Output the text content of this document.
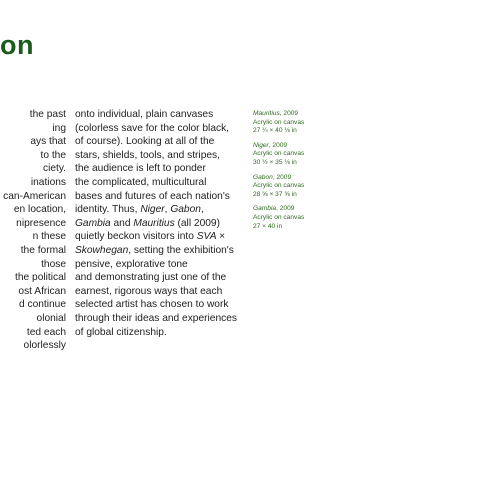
on
the past
ing
ays that
to the
ciety.
inations
can-American
en location,
nipresence
n these
the formal
those
the political
ost African
d continue
olonial
ted each
olorlessly
onto individual, plain canvases
(colorless save for the color black,
of course). Looking at all of the
stars, shields, tools, and stripes,
the audience is left to ponder
the complicated, multicultural
bases and futures of each nation's
identity. Thus, Niger, Gabon,
Gambia and Mauritius (all 2009)
quietly beckon visitors into SVA ×
Skowhegan, setting the exhibition's
pensive, explorative tone
and demonstrating just one of the
earnest, rigorous ways that each
selected artist has chosen to work
through their ideas and experiences
of global citizenship.
Mauritius, 2009
Acrylic on canvas
27 ¼ × 40 ⅛ in
Niger, 2009
Acrylic on canvas
30 ½ × 35 ⅛ in
Gabon, 2009
Acrylic on canvas
28 ⅝ × 37 ⅝ in
Gambia, 2009
Acrylic on canvas
27 × 40 in
